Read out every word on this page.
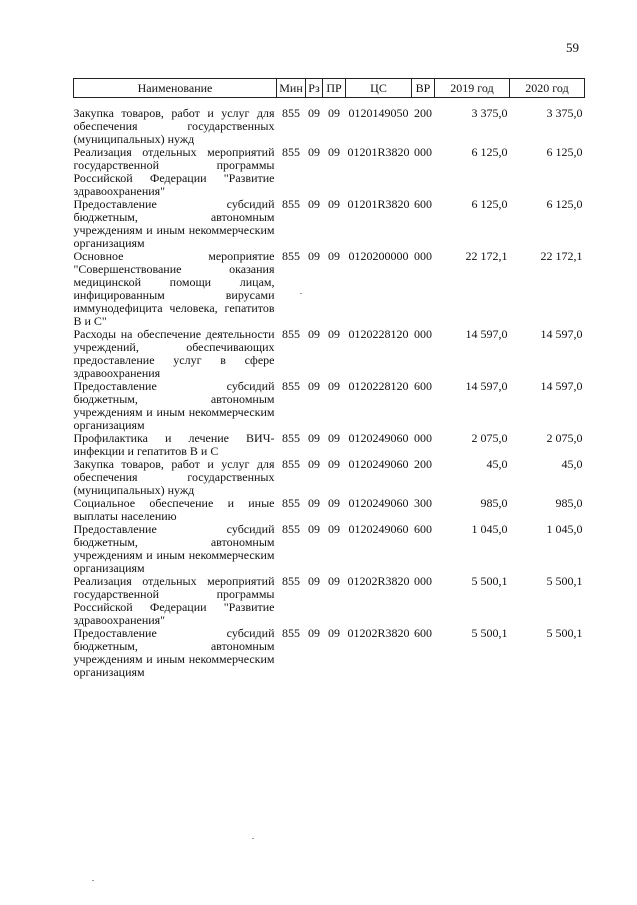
59
Наименование	Мин	Рз	ПР	ЦС	ВР	2019 год	2020 год
Закупка товаров, работ и услуг для обеспечения государственных (муниципальных) нужд	855	09	09	0120149050	200	3 375,0	3 375,0
Реализация отдельных мероприятий государственной программы Российской Федерации "Развитие здравоохранения"	855	09	09	01201R3820	000	6 125,0	6 125,0
Предоставление субсидий бюджетным, автономным учреждениям и иным некоммерческим организациям	855	09	09	01201R3820	600	6 125,0	6 125,0
Основное мероприятие "Совершенствование оказания медицинской помощи лицам, инфицированным вирусами иммунодефицита человека, гепатитов В и С"	855	09	09	0120200000	000	22 172,1	22 172,1
Расходы на обеспечение деятельности учреждений, обеспечивающих предоставление услуг в сфере здравоохранения	855	09	09	0120228120	000	14 597,0	14 597,0
Предоставление субсидий бюджетным, автономным учреждениям и иным некоммерческим организациям	855	09	09	0120228120	600	14 597,0	14 597,0
Профилактика и лечение ВИЧ-инфекции и гепатитов В и С	855	09	09	0120249060	000	2 075,0	2 075,0
Закупка товаров, работ и услуг для обеспечения государственных (муниципальных) нужд	855	09	09	0120249060	200	45,0	45,0
Социальное обеспечение и иные выплаты населению	855	09	09	0120249060	300	985,0	985,0
Предоставление субсидий бюджетным, автономным учреждениям и иным некоммерческим организациям	855	09	09	0120249060	600	1 045,0	1 045,0
Реализация отдельных мероприятий государственной программы Российской Федерации "Развитие здравоохранения"	855	09	09	01202R3820	000	5 500,1	5 500,1
Предоставление субсидий бюджетным, автономным учреждениям и иным некоммерческим организациям	855	09	09	01202R3820	600	5 500,1	5 500,1
